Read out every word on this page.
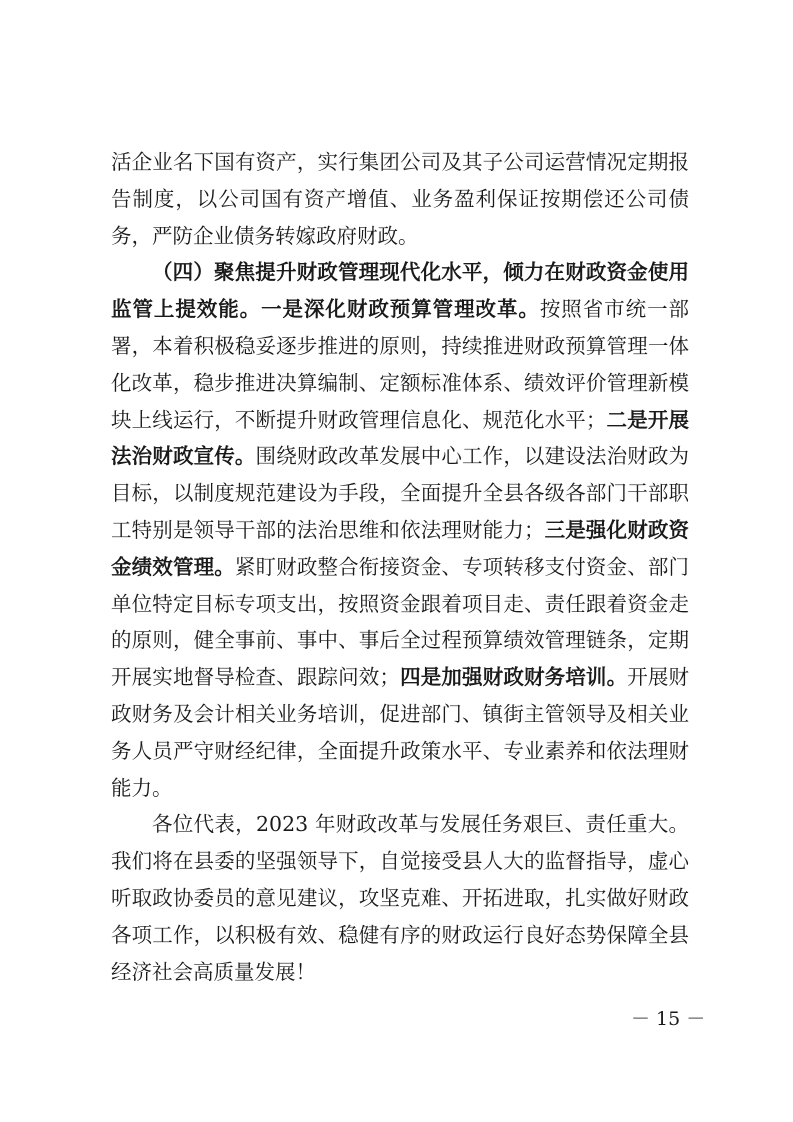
活企业名下国有资产，实行集团公司及其子公司运营情况定期报告制度，以公司国有资产增值、业务盈利保证按期偿还公司债务，严防企业债务转嫁政府财政。

（四）聚焦提升财政管理现代化水平，倾力在财政资金使用监管上提效能。一是深化财政预算管理改革。按照省市统一部署，本着积极稳妥逐步推进的原则，持续推进财政预算管理一体化改革，稳步推进决算编制、定额标准体系、绩效评价管理新模块上线运行，不断提升财政管理信息化、规范化水平；二是开展法治财政宣传。围绕财政改革发展中心工作，以建设法治财政为目标，以制度规范建设为手段，全面提升全县各级各部门干部职工特别是领导干部的法治思维和依法理财能力；三是强化财政资金绩效管理。紧盯财政整合衔接资金、专项转移支付资金、部门单位特定目标专项支出，按照资金跟着项目走、责任跟着资金走的原则，健全事前、事中、事后全过程预算绩效管理链条，定期开展实地督导检查、跟踪问效；四是加强财政财务培训。开展财政财务及会计相关业务培训，促进部门、镇街主管领导及相关业务人员严守财经纪律，全面提升政策水平、专业素养和依法理财能力。

各位代表，2023 年财政改革与发展任务艰巨、责任重大。我们将在县委的坚强领导下，自觉接受县人大的监督指导，虚心听取政协委员的意见建议，攻坚克难、开拓进取，扎实做好财政各项工作，以积极有效、稳健有序的财政运行良好态势保障全县经济社会高质量发展！

－ 15 －
